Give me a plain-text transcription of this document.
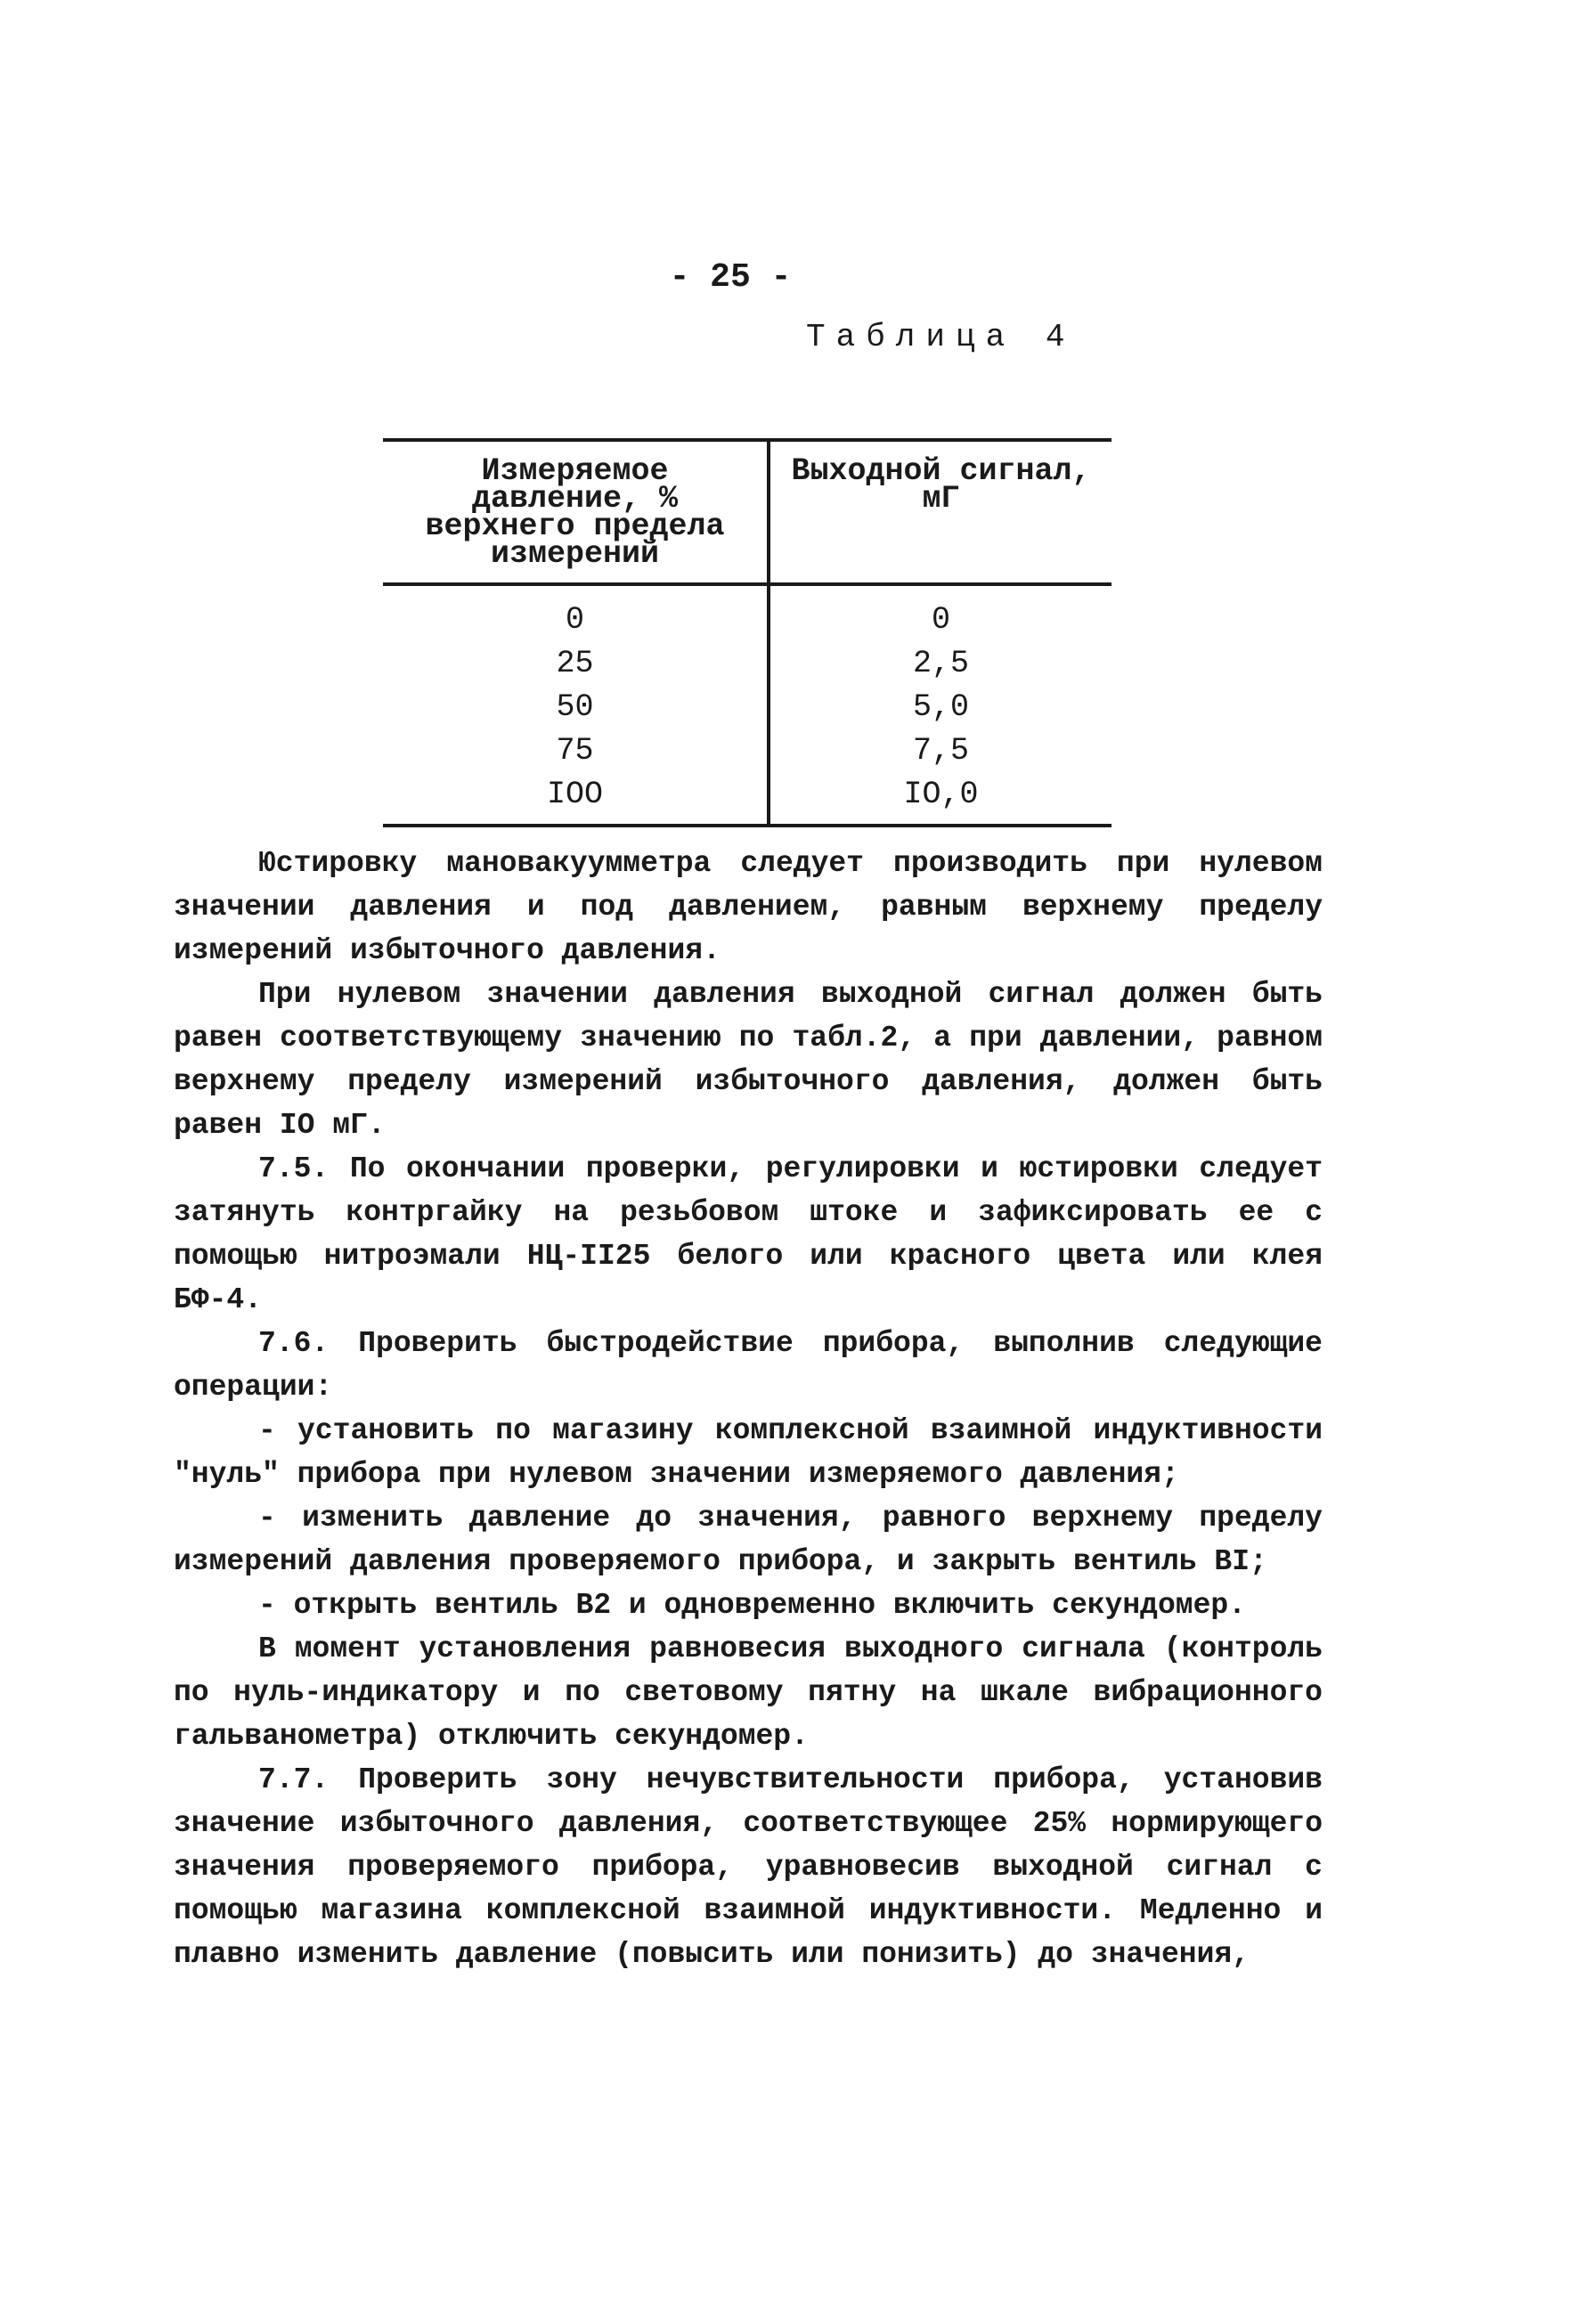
- 25 -
Таблица 4
Измеряемое давление, % верхнего предела измерений	Выходной сигнал, мГ
0	0
25	2,5
50	5,0
75	7,5
IOO	IO,0

Юстировку мановакуумметра следует производить при нулевом значении давления и под давлением, равным верхнему пределу измерений избыточного давления.

При нулевом значении давления выходной сигнал должен быть равен соответствующему значению по табл.2, а при давлении, равном верхнему пределу измерений избыточного давления, должен быть равен IO мГ.

7.5. По окончании проверки, регулировки и юстировки следует затянуть контргайку на резьбовом штоке и зафиксировать ее с помощью нитроэмали НЦ-II25 белого или красного цвета или клея БФ-4.

7.6. Проверить быстродействие прибора, выполнив следующие операции:

- установить по магазину комплексной взаимной индуктивности "нуль" прибора при нулевом значении измеряемого давления;

- изменить давление до значения, равного верхнему пределу измерений давления проверяемого прибора, и закрыть вентиль BI;

- открыть вентиль B2 и одновременно включить секундомер.

В момент установления равновесия выходного сигнала (контроль по нуль-индикатору и по световому пятну на шкале вибрационного гальванометра) отключить секундомер.

7.7. Проверить зону нечувствительности прибора, установив значение избыточного давления, соответствующее 25% нормирующего значения проверяемого прибора, уравновесив выходной сигнал с помощью магазина комплексной взаимной индуктивности. Медленно и плавно изменить давление (повысить или понизить) до значения,
